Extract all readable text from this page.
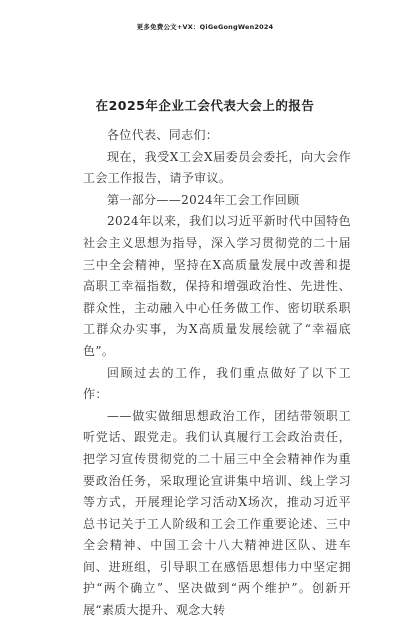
更多免费公文+VX：QiGeGongWen2024
在2025年企业工会代表大会上的报告

各位代表、同志们：

现在，我受X工会X届委员会委托，向大会作工会工作报告，请予审议。

第一部分——2024年工会工作回顾

2024年以来，我们以习近平新时代中国特色社会主义思想为指导，深入学习贯彻党的二十届三中全会精神，坚持在X高质量发展中改善和提高职工幸福指数，保持和增强政治性、先进性、群众性，主动融入中心任务做工作、密切联系职工群众办实事，为X高质量发展绘就了“幸福底色”。

回顾过去的工作，我们重点做好了以下工作：

——做实做细思想政治工作，团结带领职工听党话、跟党走。我们认真履行工会政治责任，把学习宣传贯彻党的二十届三中全会精神作为重要政治任务，采取理论宣讲集中培训、线上学习等方式，开展理论学习活动X场次，推动习近平总书记关于工人阶级和工会工作重要论述、三中全会精神、中国工会十八大精神进区队、进车间、进班组，引导职工在感悟思想伟力中坚定拥护“两个确立”、坚决做到“两个维护”。创新开展“素质大提升、观念大转
